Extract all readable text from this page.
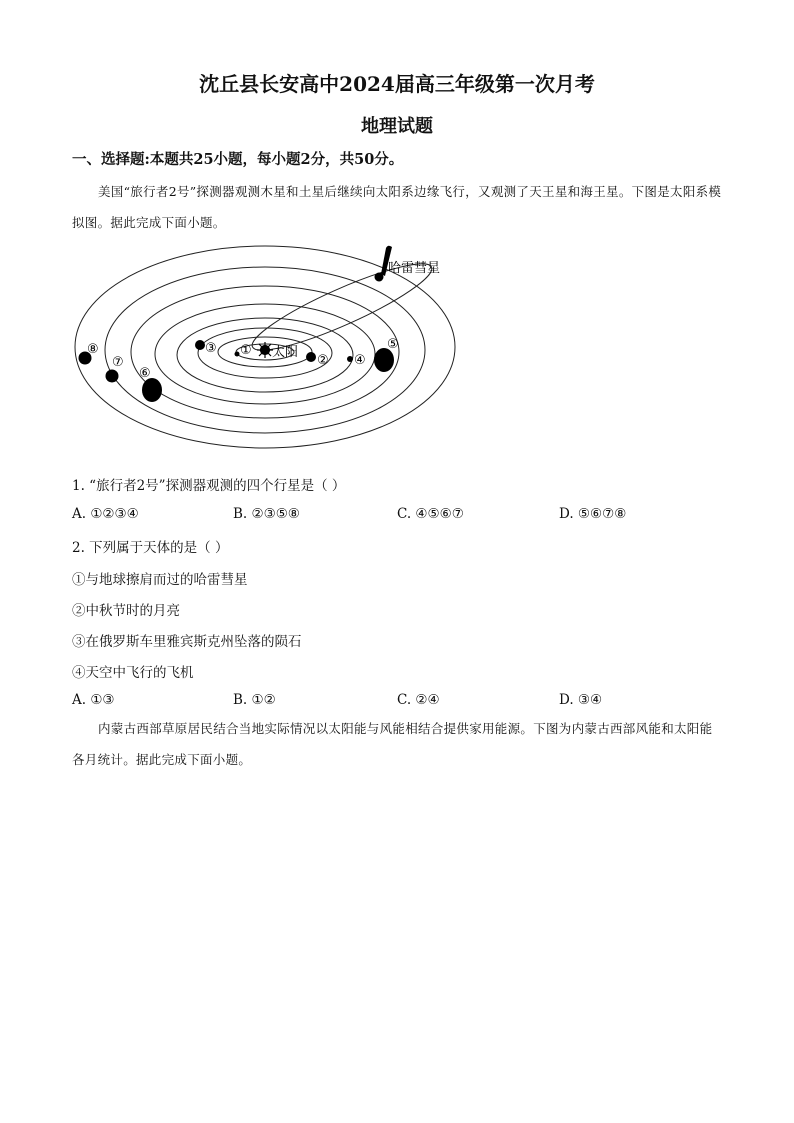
沈丘县长安高中2024届高三年级第一次月考
地理试题
一、选择题:本题共25小题，每小题2分，共50分。
美国“旅行者2号”探测器观测木星和土星后继续向太阳系边缘飞行，又观测了天王星和海王星。下图是太阳系模拟图。据此完成下面小题。
哈雷彗星
太阳
①
②
③
④
⑤
⑥
⑦
⑧
1. “旅行者2号”探测器观测的四个行星是（ ）
A. ①②③④	B. ②③⑤⑧	C. ④⑤⑥⑦	D. ⑤⑥⑦⑧
2. 下列属于天体的是（ ）
①与地球擦肩而过的哈雷彗星
②中秋节时的月亮
③在俄罗斯车里雅宾斯克州坠落的陨石
④天空中飞行的飞机
A. ①③	B. ①②	C. ②④	D. ③④
内蒙古西部草原居民结合当地实际情况以太阳能与风能相结合提供家用能源。下图为内蒙古西部风能和太阳能各月统计。据此完成下面小题。
